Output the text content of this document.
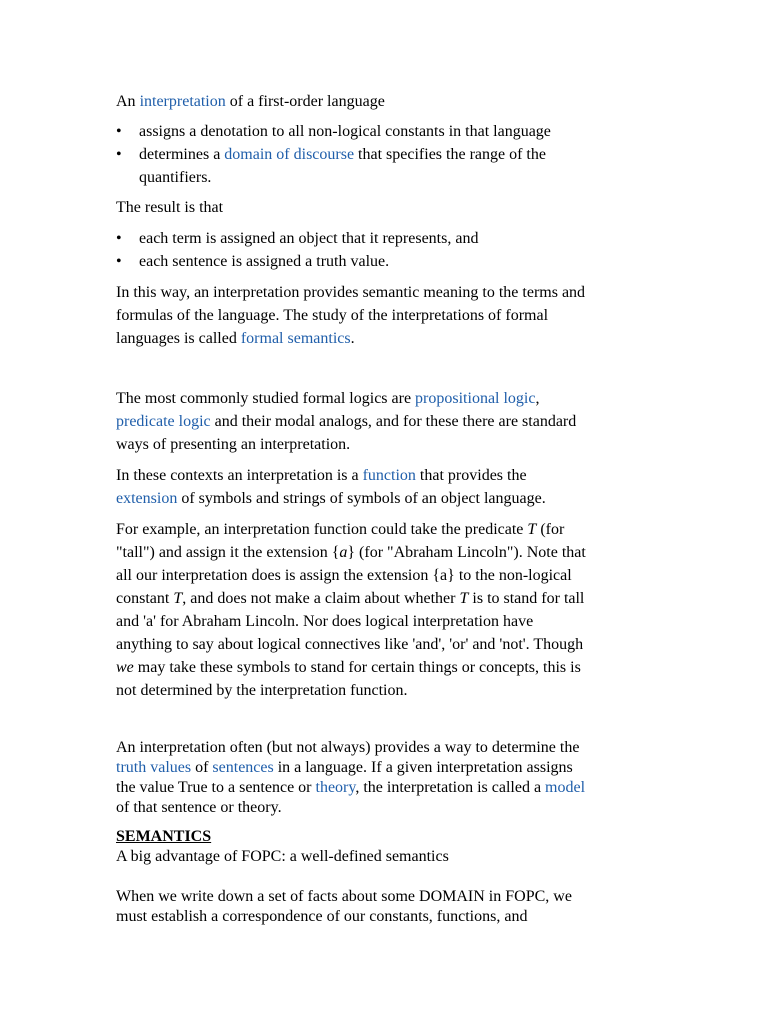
An interpretation of a first-order language

• assigns a denotation to all non-logical constants in that language
• determines a domain of discourse that specifies the range of the
quantifiers.

The result is that

• each term is assigned an object that it represents, and
• each sentence is assigned a truth value.

In this way, an interpretation provides semantic meaning to the terms and
formulas of the language. The study of the interpretations of formal
languages is called formal semantics.

The most commonly studied formal logics are propositional logic,
predicate logic and their modal analogs, and for these there are standard
ways of presenting an interpretation.

In these contexts an interpretation is a function that provides the
extension of symbols and strings of symbols of an object language.

For example, an interpretation function could take the predicate T (for
"tall") and assign it the extension {a} (for "Abraham Lincoln"). Note that
all our interpretation does is assign the extension {a} to the non-logical
constant T, and does not make a claim about whether T is to stand for tall
and 'a' for Abraham Lincoln. Nor does logical interpretation have
anything to say about logical connectives like 'and', 'or' and 'not'. Though
we may take these symbols to stand for certain things or concepts, this is
not determined by the interpretation function.

An interpretation often (but not always) provides a way to determine the
truth values of sentences in a language. If a given interpretation assigns
the value True to a sentence or theory, the interpretation is called a model
of that sentence or theory.

SEMANTICS
A big advantage of FOPC: a well-defined semantics

When we write down a set of facts about some DOMAIN in FOPC, we
must establish a correspondence of our constants, functions, and
